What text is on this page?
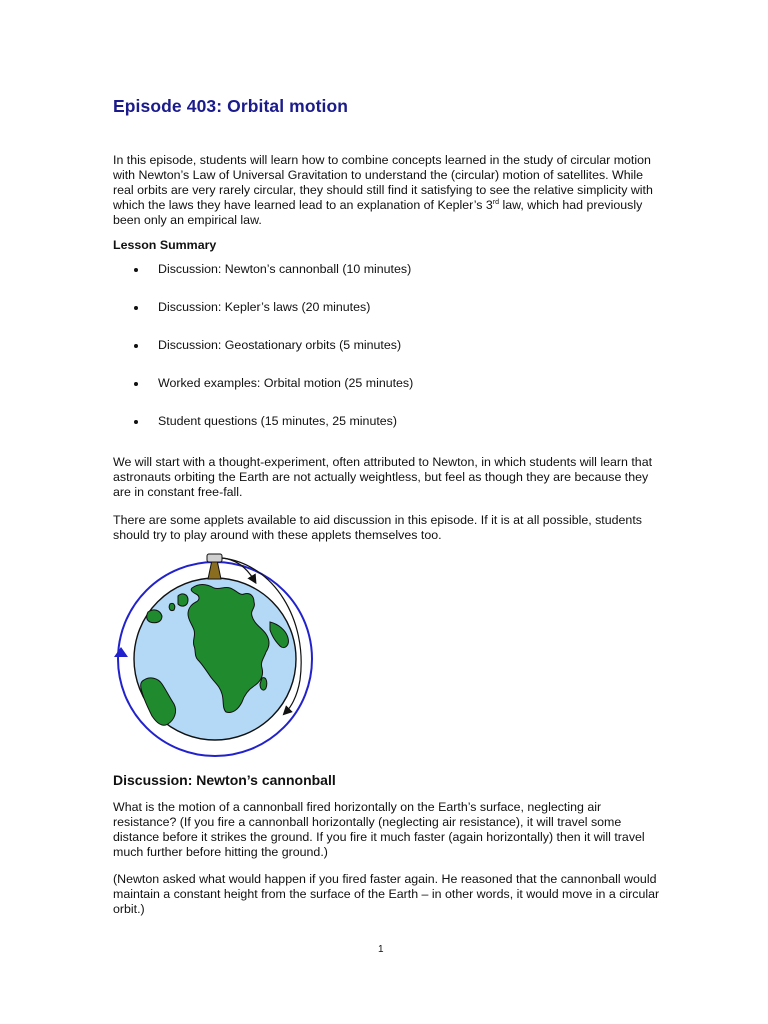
Episode 403: Orbital motion

In this episode, students will learn how to combine concepts learned in the study of circular motion with Newton’s Law of Universal Gravitation to understand the (circular) motion of satellites. While real orbits are very rarely circular, they should still find it satisfying to see the relative simplicity with which the laws they have learned lead to an explanation of Kepler’s 3rd law, which had previously been only an empirical law.

Lesson Summary

Discussion: Newton’s cannonball (10 minutes)
Discussion: Kepler’s laws (20 minutes)
Discussion: Geostationary orbits (5 minutes)
Worked examples: Orbital motion (25 minutes)
Student questions (15 minutes, 25 minutes)

We will start with a thought-experiment, often attributed to Newton, in which students will learn that astronauts orbiting the Earth are not actually weightless, but feel as though they are because they are in constant free-fall.

There are some applets available to aid discussion in this episode. If it is at all possible, students should try to play around with these applets themselves too.

Discussion: Newton’s cannonball

What is the motion of a cannonball fired horizontally on the Earth’s surface, neglecting air resistance? (If you fire a cannonball horizontally (neglecting air resistance), it will travel some distance before it strikes the ground. If you fire it much faster (again horizontally) then it will travel much further before hitting the ground.)

(Newton asked what would happen if you fired faster again. He reasoned that the cannonball would maintain a constant height from the surface of the Earth – in other words, it would move in a circular orbit.)

1
